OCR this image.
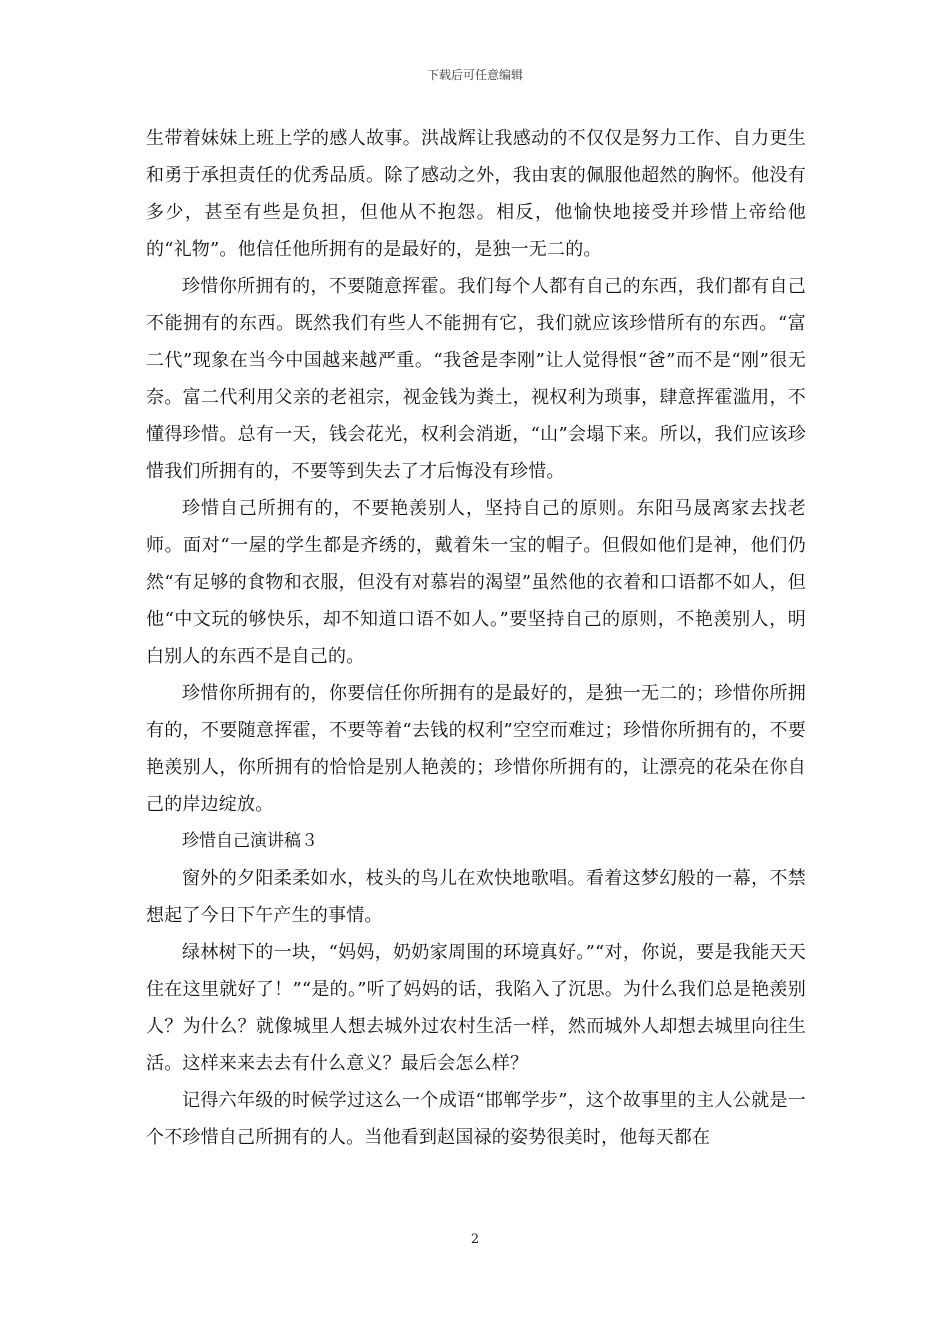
下载后可任意编辑

生带着妹妹上班上学的感人故事。洪战辉让我感动的不仅仅是努力工作、自力更生和勇于承担责任的优秀品质。除了感动之外，我由衷的佩服他超然的胸怀。他没有多少，甚至有些是负担，但他从不抱怨。相反，他愉快地接受并珍惜上帝给他的“礼物”。他信任他所拥有的是最好的，是独一无二的。

珍惜你所拥有的，不要随意挥霍。我们每个人都有自己的东西，我们都有自己不能拥有的东西。既然我们有些人不能拥有它，我们就应该珍惜所有的东西。“富二代”现象在当今中国越来越严重。“我爸是李刚”让人觉得恨“爸”而不是“刚”很无奈。富二代利用父亲的老祖宗，视金钱为粪土，视权利为琐事，肆意挥霍滥用，不懂得珍惜。总有一天，钱会花光，权利会消逝，“山”会塌下来。所以，我们应该珍惜我们所拥有的，不要等到失去了才后悔没有珍惜。

珍惜自己所拥有的，不要艳羡别人，坚持自己的原则。东阳马晟离家去找老师。面对“一屋的学生都是齐绣的，戴着朱一宝的帽子。但假如他们是神，他们仍然“有足够的食物和衣服，但没有对慕岩的渴望”虽然他的衣着和口语都不如人，但他“中文玩的够快乐，却不知道口语不如人。”要坚持自己的原则，不艳羡别人，明白别人的东西不是自己的。

珍惜你所拥有的，你要信任你所拥有的是最好的，是独一无二的；珍惜你所拥有的，不要随意挥霍，不要等着“去钱的权利”空空而难过；珍惜你所拥有的，不要艳羡别人，你所拥有的恰恰是别人艳羡的；珍惜你所拥有的，让漂亮的花朵在你自己的岸边绽放。

珍惜自己演讲稿３

窗外的夕阳柔柔如水，枝头的鸟儿在欢快地歌唱。看着这梦幻般的一幕，不禁想起了今日下午产生的事情。

绿林树下的一块，“妈妈，奶奶家周围的环境真好。”“对，你说，要是我能天天住在这里就好了！”“是的。”听了妈妈的话，我陷入了沉思。为什么我们总是艳羡别人？为什么？就像城里人想去城外过农村生活一样，然而城外人却想去城里向往生活。这样来来去去有什么意义？最后会怎么样？

记得六年级的时候学过这么一个成语“邯郸学步”，这个故事里的主人公就是一个不珍惜自己所拥有的人。当他看到赵国禄的姿势很美时，他每天都在

2
